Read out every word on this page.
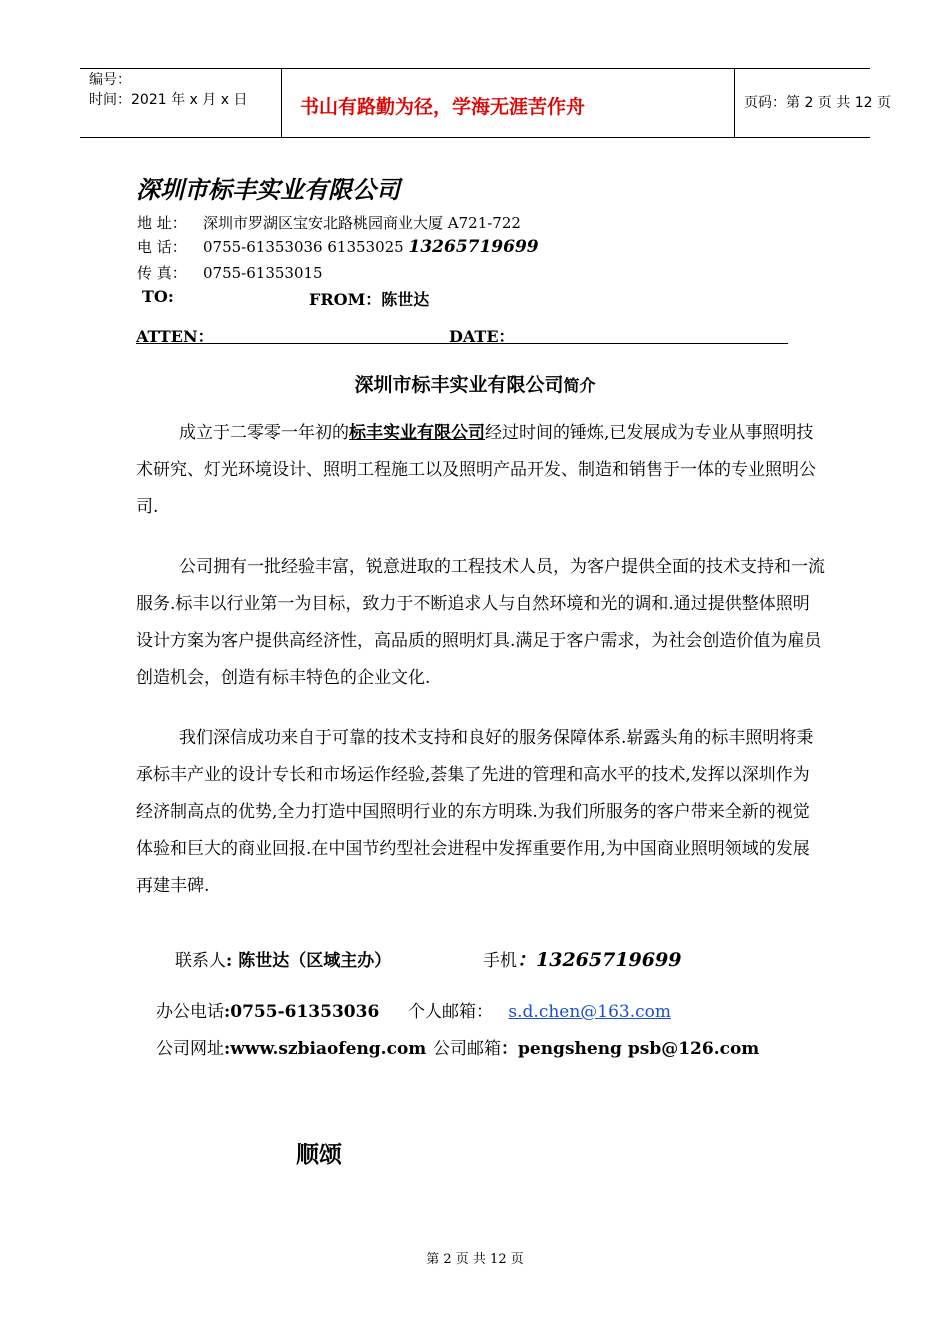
编号：
时间：2021 年 x 月 x 日	书山有路勤为径，学海无涯苦作舟	页码：第 2 页 共 12 页
深圳市标丰实业有限公司
地 址： 深圳市罗湖区宝安北路桃园商业大厦 A721-722
电 话： 0755-61353036 61353025 13265719699
传 真： 0755-61353015
TO:	FROM：陈世达
ATTEN：	DATE：
深圳市标丰实业有限公司简介

成立于二零零一年初的标丰实业有限公司经过时间的锤炼,已发展成为专业从事照明技术研究、灯光环境设计、照明工程施工以及照明产品开发、制造和销售于一体的专业照明公司.

公司拥有一批经验丰富，锐意进取的工程技术人员，为客户提供全面的技术支持和一流服务.标丰以行业第一为目标，致力于不断追求人与自然环境和光的调和.通过提供整体照明设计方案为客户提供高经济性，高品质的照明灯具.满足于客户需求，为社会创造价值为雇员创造机会，创造有标丰特色的企业文化.

我们深信成功来自于可靠的技术支持和良好的服务保障体系.崭露头角的标丰照明将秉承标丰产业的设计专长和市场运作经验,荟集了先进的管理和高水平的技术,发挥以深圳作为经济制高点的优势,全力打造中国照明行业的东方明珠.为我们所服务的客户带来全新的视觉体验和巨大的商业回报.在中国节约型社会进程中发挥重要作用,为中国商业照明领域的发展再建丰碑.

联系人: 陈世达（区域主办）	手机：13265719699
办公电话:0755-61353036 个人邮箱： s.d.chen@163.com
公司网址:www.szbiaofeng.com 公司邮箱：pengsheng psb@126.com
顺颂
第 2 页 共 12 页
